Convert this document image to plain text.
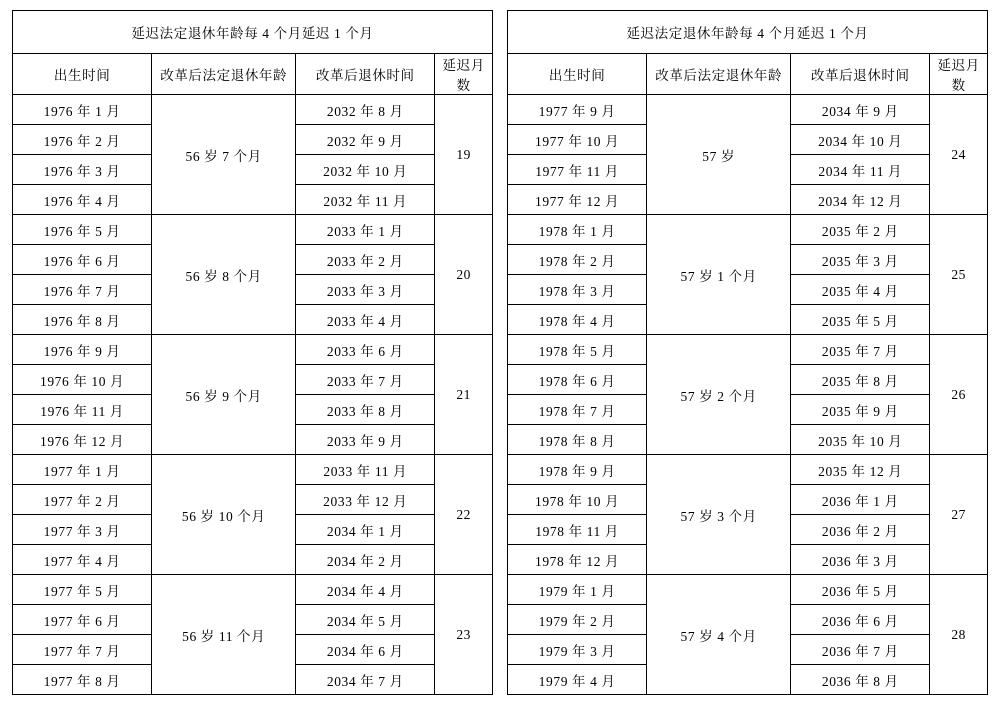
延迟法定退休年龄每 4 个月延迟 1 个月			
出生时间	改革后法定退休年龄	改革后退休时间	延迟月数
1976 年 1 月	56 岁 7 个月	2032 年 8 月	19
1976 年 2 月		2032 年 9 月	
1976 年 3 月		2032 年 10 月	
1976 年 4 月		2032 年 11 月	
1976 年 5 月	56 岁 8 个月	2033 年 1 月	20
1976 年 6 月		2033 年 2 月	
1976 年 7 月		2033 年 3 月	
1976 年 8 月		2033 年 4 月	
1976 年 9 月	56 岁 9 个月	2033 年 6 月	21
1976 年 10 月		2033 年 7 月	
1976 年 11 月		2033 年 8 月	
1976 年 12 月		2033 年 9 月	
1977 年 1 月	56 岁 10 个月	2033 年 11 月	22
1977 年 2 月		2033 年 12 月	
1977 年 3 月		2034 年 1 月	
1977 年 4 月		2034 年 2 月	
1977 年 5 月	56 岁 11 个月	2034 年 4 月	23
1977 年 6 月		2034 年 5 月	
1977 年 7 月		2034 年 6 月	
1977 年 8 月		2034 年 7 月	
延迟法定退休年龄每 4 个月延迟 1 个月			
出生时间	改革后法定退休年龄	改革后退休时间	延迟月数
1977 年 9 月	57 岁	2034 年 9 月	24
1977 年 10 月		2034 年 10 月	
1977 年 11 月		2034 年 11 月	
1977 年 12 月		2034 年 12 月	
1978 年 1 月	57 岁 1 个月	2035 年 2 月	25
1978 年 2 月		2035 年 3 月	
1978 年 3 月		2035 年 4 月	
1978 年 4 月		2035 年 5 月	
1978 年 5 月	57 岁 2 个月	2035 年 7 月	26
1978 年 6 月		2035 年 8 月	
1978 年 7 月		2035 年 9 月	
1978 年 8 月		2035 年 10 月	
1978 年 9 月	57 岁 3 个月	2035 年 12 月	27
1978 年 10 月		2036 年 1 月	
1978 年 11 月		2036 年 2 月	
1978 年 12 月		2036 年 3 月	
1979 年 1 月	57 岁 4 个月	2036 年 5 月	28
1979 年 2 月		2036 年 6 月	
1979 年 3 月		2036 年 7 月	
1979 年 4 月		2036 年 8 月	
